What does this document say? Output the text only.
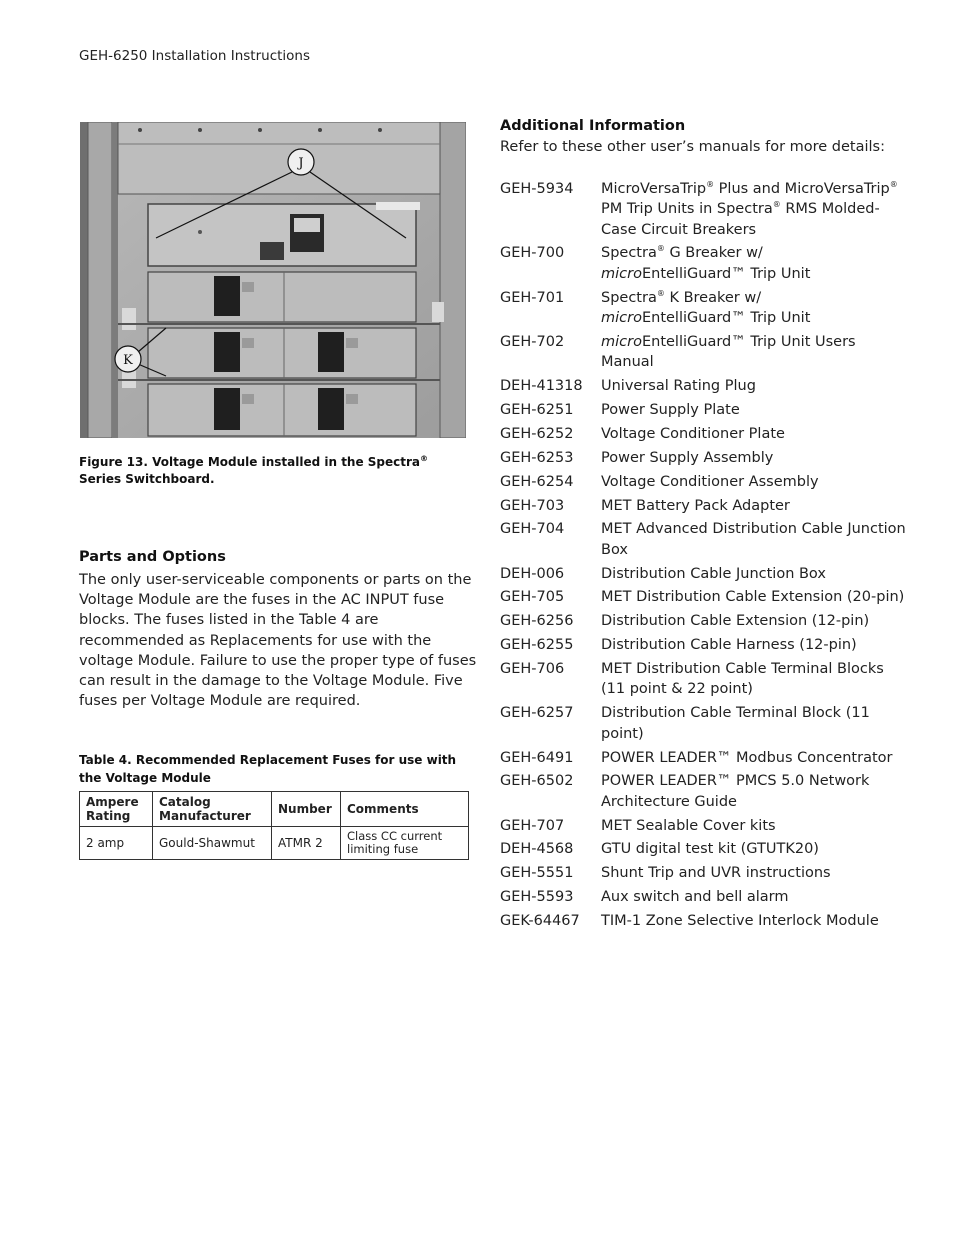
GEH-6250 Installation Instructions
J
K
Figure 13. Voltage Module installed in the Spectra® Series Switchboard.
Parts and Options
The only user-serviceable components or parts on the Voltage Module are the fuses in the AC INPUT fuse blocks. The fuses listed in the Table 4 are recommended as Replacements for use with the voltage Module. Failure to use the proper type of fuses can result in the damage to the Voltage Module. Five fuses per Voltage Module are required.
Table 4. Recommended Replacement Fuses for use with the Voltage Module
Ampere Rating	Catalog Manufacturer	Number	Comments
2 amp	Gould-Shawmut	ATMR 2	Class CC current limiting fuse
Additional Information
Refer to these other user’s manuals for more details:
GEH-5934	MicroVersaTrip® Plus and MicroVersaTrip® PM Trip Units in Spectra® RMS Molded-Case Circuit Breakers
GEH-700	Spectra® G Breaker w/
microEntelliGuard™ Trip Unit
GEH-701	Spectra® K Breaker w/
microEntelliGuard™ Trip Unit
GEH-702	microEntelliGuard™ Trip Unit Users Manual
DEH-41318	Universal Rating Plug
GEH-6251	Power Supply Plate
GEH-6252	Voltage Conditioner Plate
GEH-6253	Power Supply Assembly
GEH-6254	Voltage Conditioner Assembly
GEH-703	MET Battery Pack Adapter
GEH-704	MET Advanced Distribution Cable Junction Box
DEH-006	Distribution Cable Junction Box
GEH-705	MET Distribution Cable Extension (20-pin)
GEH-6256	Distribution Cable Extension (12-pin)
GEH-6255	Distribution Cable Harness (12-pin)
GEH-706	MET Distribution Cable Terminal Blocks (11 point & 22 point)
GEH-6257	Distribution Cable Terminal Block (11 point)
GEH-6491	POWER LEADER™ Modbus Concentrator
GEH-6502	POWER LEADER™ PMCS 5.0 Network Architecture Guide
GEH-707	MET Sealable Cover kits
DEH-4568	GTU digital test kit (GTUTK20)
GEH-5551	Shunt Trip and UVR instructions
GEH-5593	Aux switch and bell alarm
GEK-64467	TIM-1 Zone Selective Interlock Module
